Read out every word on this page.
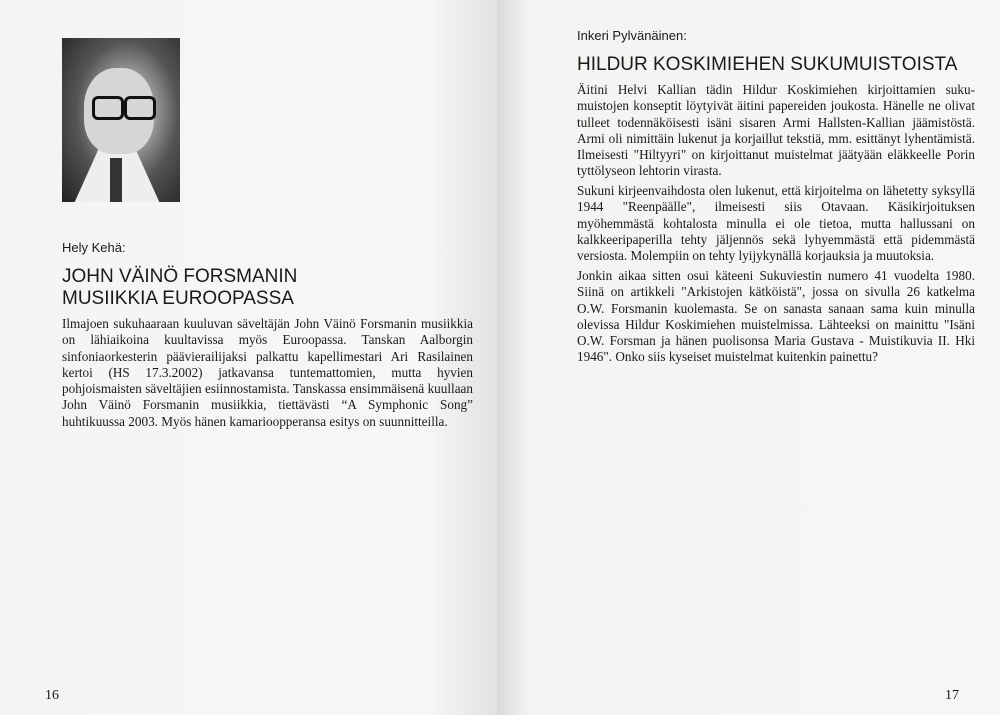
Hely Kehä:
JOHN VÄINÖ FORSMANIN MUSIIKKIA EUROOPASSA

Ilmajoen sukuhaaraan kuuluvan säveltäjän John Väinö Forsmanin musiikkia on lähiaikoina kuultavissa myös Euroopassa. Tanskan Aalborgin sinfoniaorkesterin päävierailijaksi palkattu kapellimestari Ari Rasilainen kertoi (HS 17.3.2002) jatkavansa tuntemattomien, mutta hyvien pohjoismaisten säveltäjien esiinnostamista. Tanskassa ensimmäisenä kuullaan John Väinö Forsmanin musiikkia, tiettävästi “A Symphonic Song” huhtikuussa 2003. Myös hänen kamarioopperansa esitys on suunnitteilla.

16
Inkeri Pylvänäinen:
HILDUR KOSKIMIEHEN SUKUMUISTOISTA

Äitini Helvi Kallian tädin Hildur Koskimiehen kirjoittamien sukumuistojen konseptit löytyivät äitini papereiden joukosta. Hänelle ne olivat tulleet todennäköisesti isäni sisaren Armi Hallsten-Kallian jäämistöstä. Armi oli nimittäin lukenut ja korjaillut tekstiä, mm. esittänyt lyhentämistä. Ilmeisesti "Hiltyyri" on kirjoittanut muistelmat jäätyään eläkkeelle Porin tyttölyseon lehtorin virasta.

Sukuni kirjeenvaihdosta olen lukenut, että kirjoitelma on lähetetty syksyllä 1944 "Reenpäälle", ilmeisesti siis Otavaan. Käsikirjoituksen myöhemmästä kohtalosta minulla ei ole tietoa, mutta hallussani on kalkkeeripaperilla tehty jäljennös sekä lyhyemmästä että pidemmästä versiosta. Molempiin on tehty lyijykynällä korjauksia ja muutoksia.

Jonkin aikaa sitten osui käteeni Sukuviestin numero 41 vuodelta 1980. Siinä on artikkeli "Arkistojen kätköistä", jossa on sivulla 26 katkelma O.W. Forsmanin kuolemasta. Se on sanasta sanaan sama kuin minulla olevissa Hildur Koskimiehen muistelmissa. Lähteeksi on mainittu "Isäni O.W. Forsman ja hänen puolisonsa Maria Gustava - Muistikuvia II. Hki 1946". Onko siis kyseiset muistelmat kuitenkin painettu?

17
